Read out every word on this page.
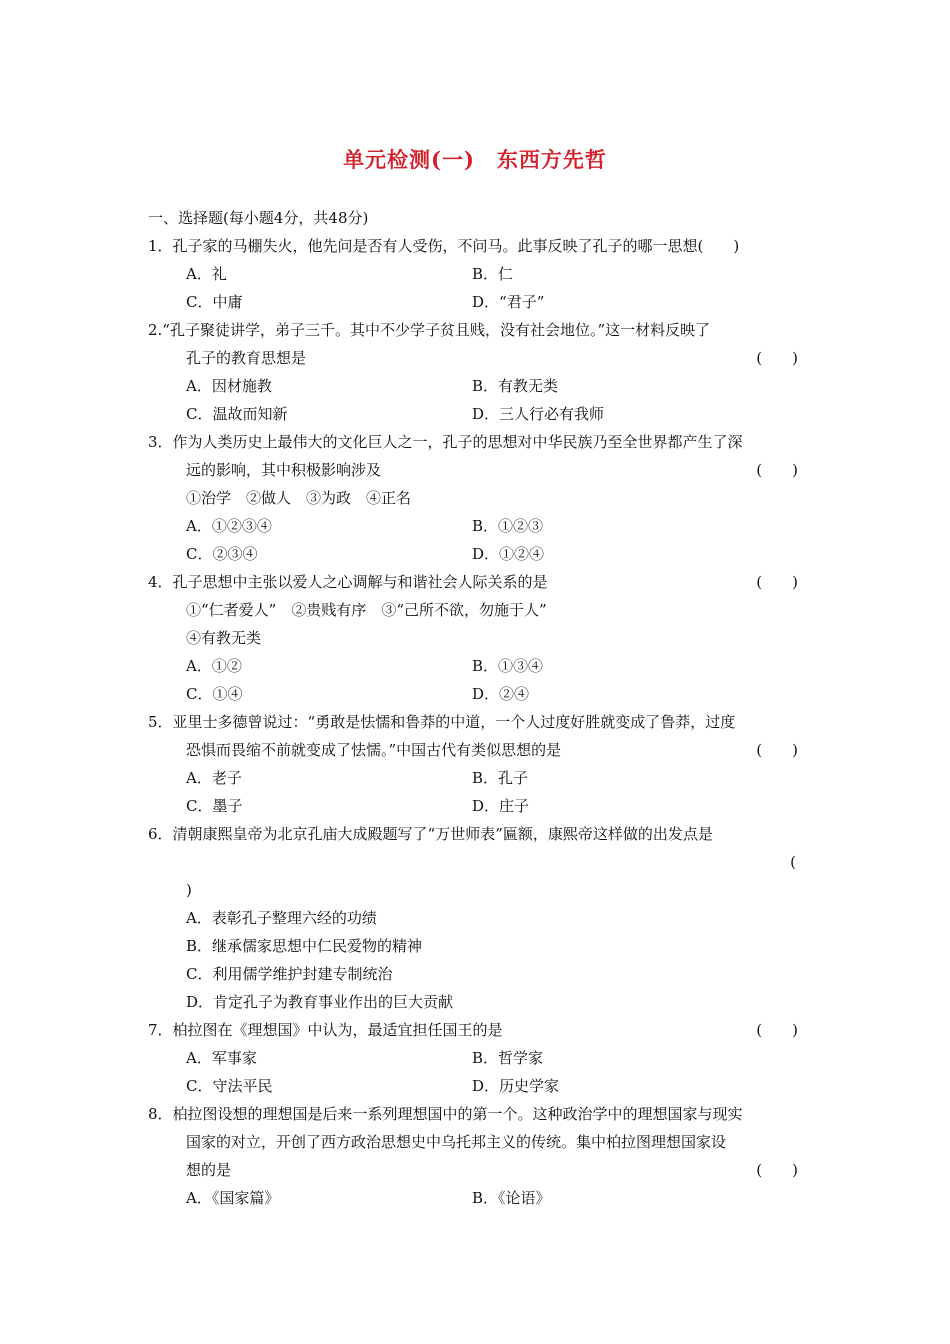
单元检测(一)　东西方先哲
一、选择题(每小题4分，共48分)
1．孔子家的马棚失火，他先问是否有人受伤，不问马。此事反映了孔子的哪一思想(　　)
A．礼	B．仁
C．中庸	D．“君子”
2.“孔子聚徒讲学，弟子三千。其中不少学子贫且贱，没有社会地位。”这一材料反映了
孔子的教育思想是	(　　)
A．因材施教	B．有教无类
C．温故而知新	D．三人行必有我师
3．作为人类历史上最伟大的文化巨人之一，孔子的思想对中华民族乃至全世界都产生了深
远的影响，其中积极影响涉及	(　　)
①治学　②做人　③为政　④正名
A．①②③④	B．①②③
C．②③④	D．①②④
4．孔子思想中主张以爱人之心调解与和谐社会人际关系的是	(　　)
①“仁者爱人”　②贵贱有序　③“己所不欲，勿施于人”
④有教无类
A．①②	B．①③④
C．①④	D．②④
5．亚里士多德曾说过：“勇敢是怯懦和鲁莽的中道，一个人过度好胜就变成了鲁莽，过度
恐惧而畏缩不前就变成了怯懦。”中国古代有类似思想的是	(　　)
A．老子	B．孔子
C．墨子	D．庄子
6．清朝康熙皇帝为北京孔庙大成殿题写了“万世师表”匾额，康熙帝这样做的出发点是
(
)
A．表彰孔子整理六经的功绩
B．继承儒家思想中仁民爱物的精神
C．利用儒学维护封建专制统治
D．肯定孔子为教育事业作出的巨大贡献
7．柏拉图在《理想国》中认为，最适宜担任国王的是	(　　)
A．军事家	B．哲学家
C．守法平民	D．历史学家
8．柏拉图设想的理想国是后来一系列理想国中的第一个。这种政治学中的理想国家与现实
国家的对立，开创了西方政治思想史中乌托邦主义的传统。集中柏拉图理想国家设
想的是	(　　)
A．《国家篇》	B．《论语》
